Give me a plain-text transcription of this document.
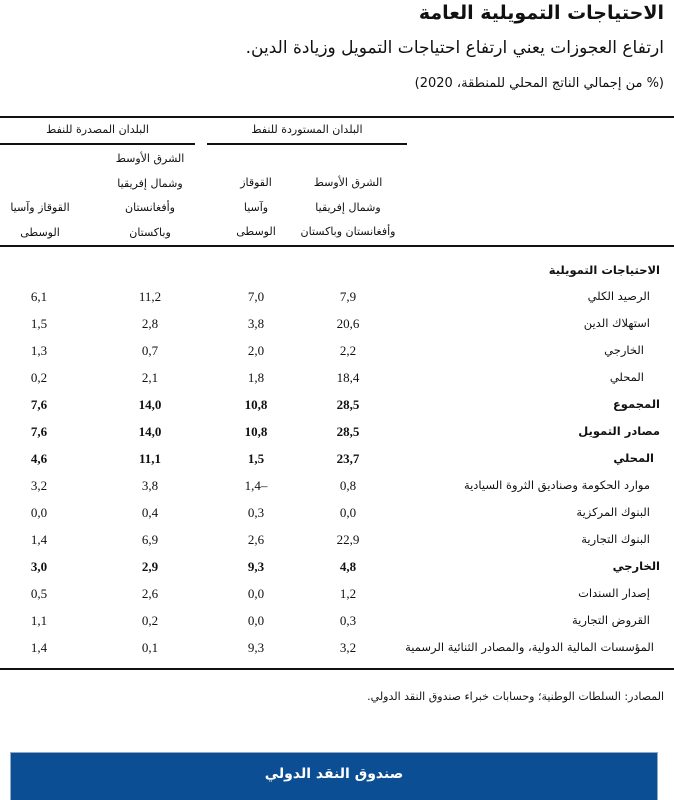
الاحتياجات التمويلية العامة
ارتفاع العجوزات يعني ارتفاع احتياجات التمويل وزيادة الدين.
(% من إجمالي الناتج المحلي للمنطقة، 2020)
البلدان المصدرة للنفط	البلدان المستوردة للنفط
القوقاز وآسيا
الوسطى
الشرق الأوسط
وشمال إفريقيا
وأفغانستان
وباكستان
القوقاز
وآسيا
الوسطى
الشرق الأوسط
وشمال إفريقيا
وأفغانستان وباكستان
الاحتياجات التمويلية
الرصيد الكلي
7,9
7,0
11,2
6,1
استهلاك الدين
20,6
3,8
2,8
1,5
الخارجي
2,2
2,0
0,7
1,3
المحلي
18,4
1,8
2,1
0,2
المجموع
28,5
10,8
14,0
7,6
مصادر التمويل
28,5
10,8
14,0
7,6
المحلي
23,7
1,5
11,1
4,6
موارد الحكومة وصناديق الثروة السيادية
0,8
1,4–
3,8
3,2
البنوك المركزية
0,0
0,3
0,4
0,0
البنوك التجارية
22,9
2,6
6,9
1,4
الخارجي
4,8
9,3
2,9
3,0
إصدار السندات
1,2
0,0
2,6
0,5
القروض التجارية
0,3
0,0
0,2
1,1
المؤسسات المالية الدولية، والمصادر الثنائية الرسمية
3,2
9,3
0,1
1,4
المصادر: السلطات الوطنية؛ وحسابات خبراء صندوق النقد الدولي.
صندوق النقد الدولي
